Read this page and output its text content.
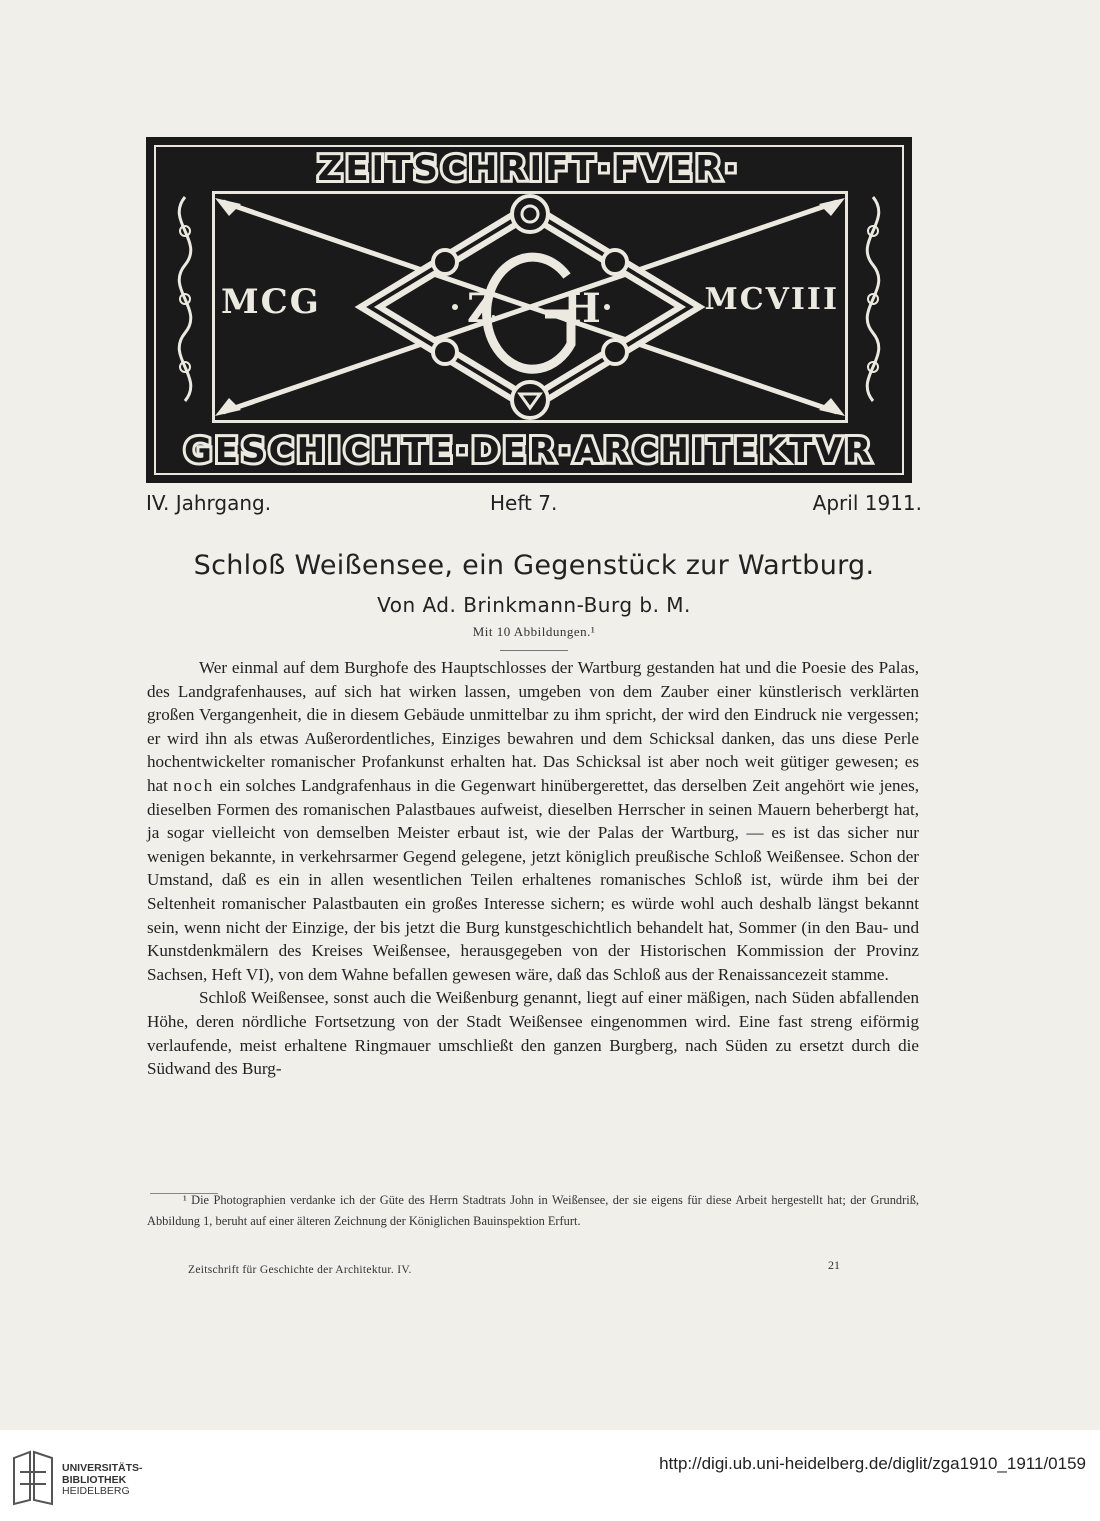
ZEITSCHRIFT·FVER·
Z H
MCG	MCVIII
GESCHICHTE·DER·ARCHITEKTVR
IV. Jahrgang.	Heft 7.	April 1911.
Schloß Weißensee, ein Gegenstück zur Wartburg.
Von Ad. Brinkmann-Burg b. M.
Mit 10 Abbildungen.¹

Wer einmal auf dem Burghofe des Hauptschlosses der Wartburg gestanden hat und die Poesie des Palas, des Landgrafenhauses, auf sich hat wirken lassen, umgeben von dem Zauber einer künstlerisch verklärten großen Vergangenheit, die in diesem Gebäude unmittelbar zu ihm spricht, der wird den Eindruck nie vergessen; er wird ihn als etwas Außerordentliches, Einziges bewahren und dem Schicksal danken, das uns diese Perle hochentwickelter romanischer Profankunst erhalten hat. Das Schicksal ist aber noch weit gütiger gewesen; es hat noch ein solches Landgrafenhaus in die Gegenwart hinübergerettet, das derselben Zeit angehört wie jenes, dieselben Formen des romanischen Palastbaues aufweist, dieselben Herrscher in seinen Mauern beherbergt hat, ja sogar vielleicht von demselben Meister erbaut ist, wie der Palas der Wartburg, — es ist das sicher nur wenigen bekannte, in verkehrsarmer Gegend gelegene, jetzt königlich preußische Schloß Weißensee. Schon der Umstand, daß es ein in allen wesentlichen Teilen erhaltenes romanisches Schloß ist, würde ihm bei der Seltenheit romanischer Palastbauten ein großes Interesse sichern; es würde wohl auch deshalb längst bekannt sein, wenn nicht der Einzige, der bis jetzt die Burg kunstgeschichtlich behandelt hat, Sommer (in den Bau- und Kunstdenkmälern des Kreises Weißensee, herausgegeben von der Historischen Kommission der Provinz Sachsen, Heft VI), von dem Wahne befallen gewesen wäre, daß das Schloß aus der Renaissancezeit stamme.

Schloß Weißensee, sonst auch die Weißenburg genannt, liegt auf einer mäßigen, nach Süden abfallenden Höhe, deren nördliche Fortsetzung von der Stadt Weißensee eingenommen wird. Eine fast streng eiförmig verlaufende, meist erhaltene Ringmauer umschließt den ganzen Burgberg, nach Süden zu ersetzt durch die Südwand des Burg-

¹ Die Photographien verdanke ich der Güte des Herrn Stadtrats John in Weißensee, der sie eigens für diese Arbeit hergestellt hat; der Grundriß, Abbildung 1, beruht auf einer älteren Zeichnung der Königlichen Bauinspektion Erfurt.

Zeitschrift für Geschichte der Architektur. IV.	21
UNIVERSITÄTS-
BIBLIOTHEK
HEIDELBERG
http://digi.ub.uni-heidelberg.de/diglit/zga1910_1911/0159
